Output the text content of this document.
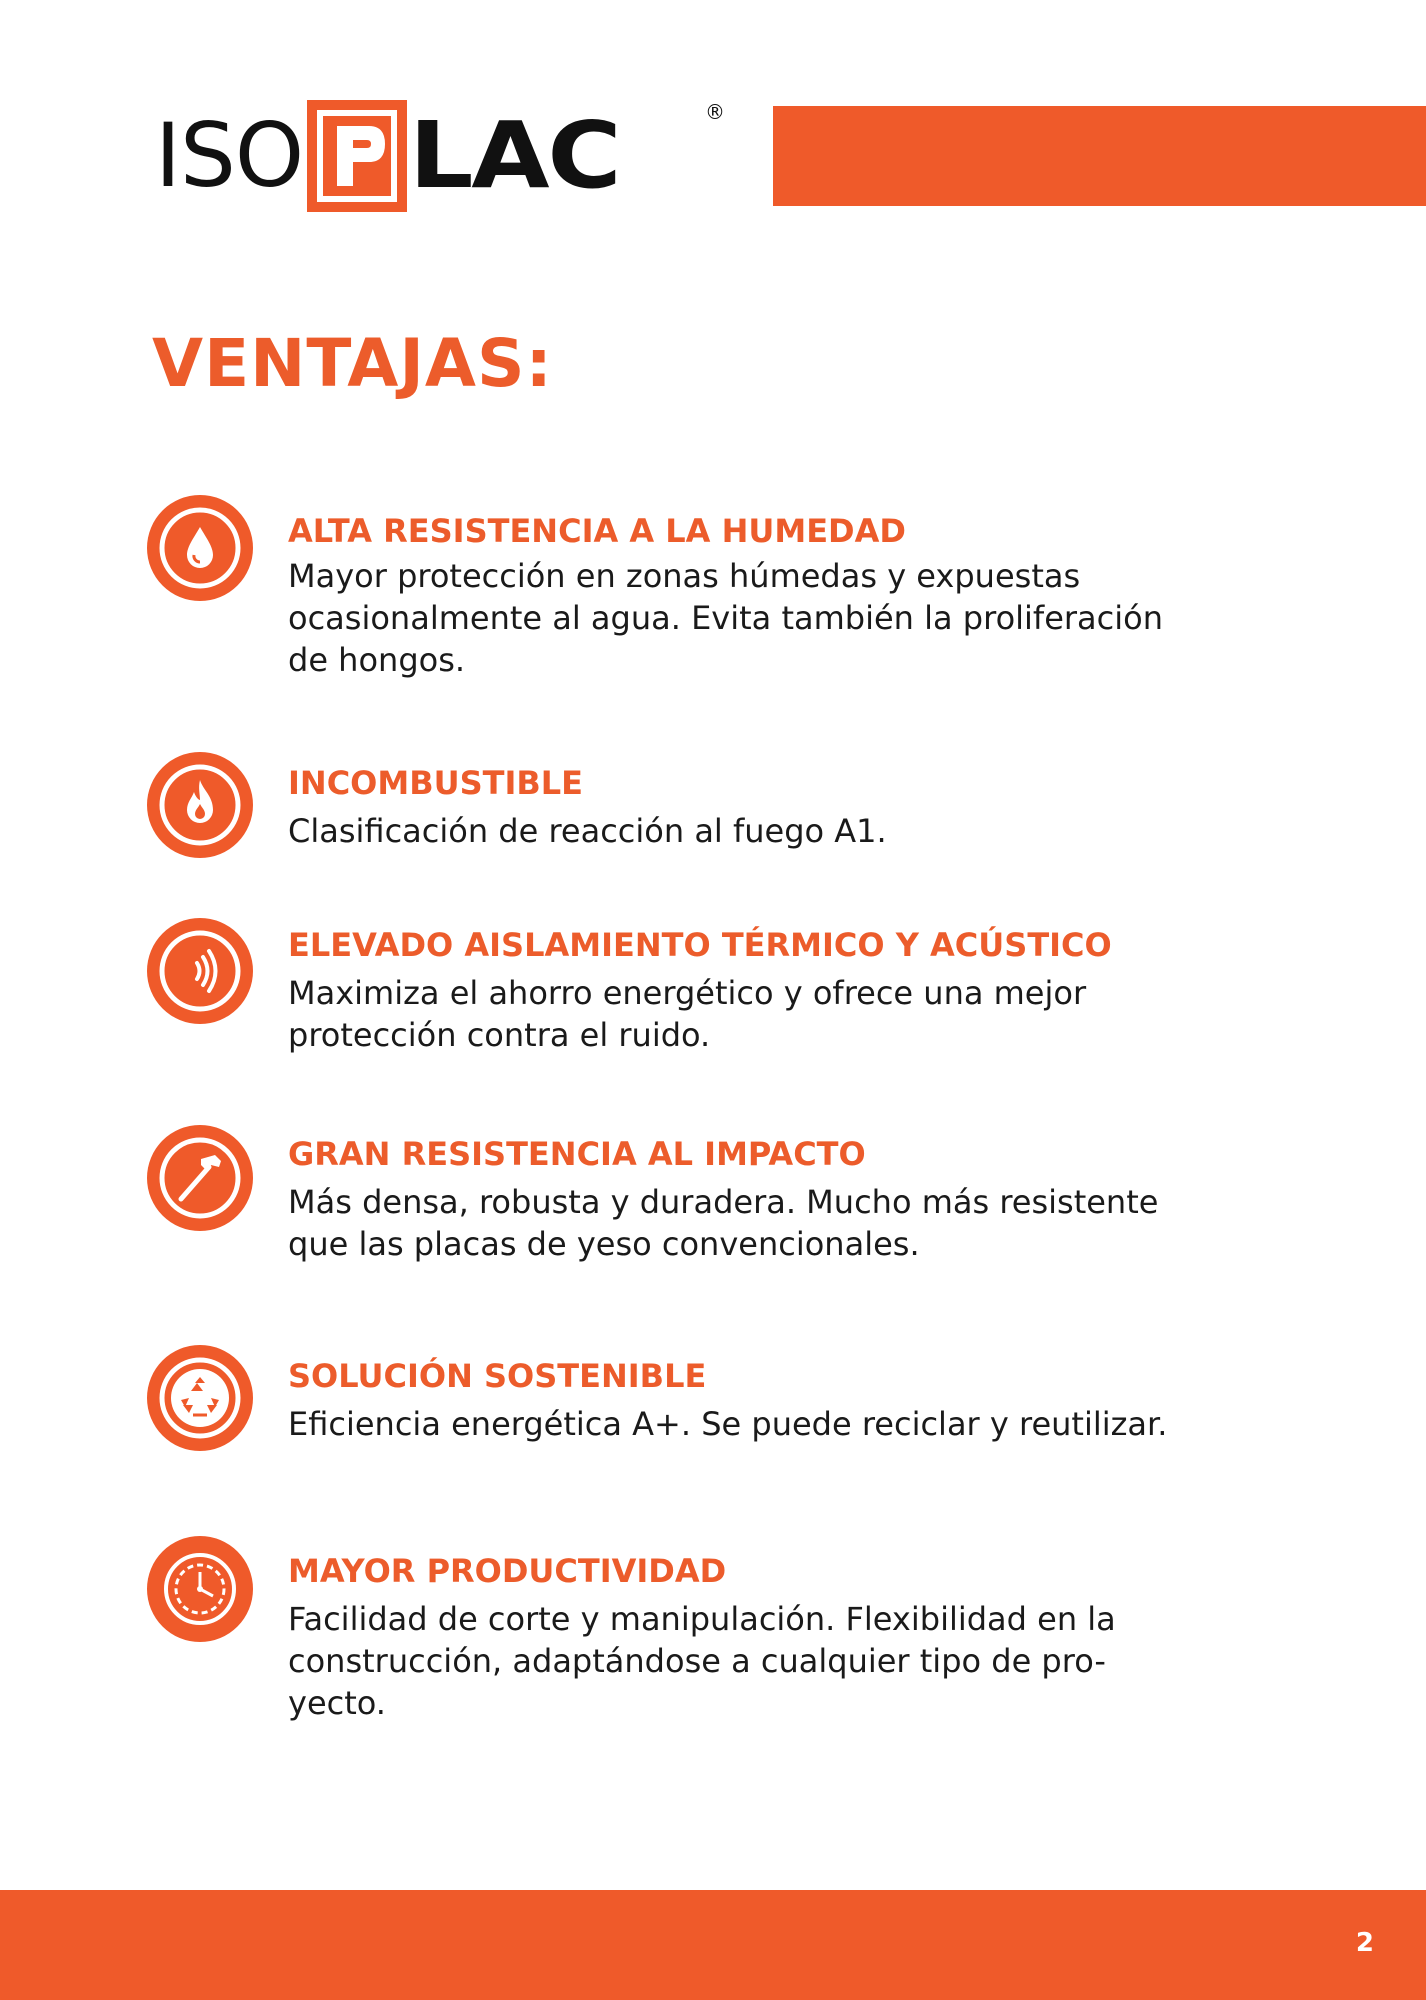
ISO LAC	®
VENTAJAS:

ALTA RESISTENCIA A LA HUMEDAD

Mayor protección en zonas húmedas y expuestas
ocasionalmente al agua. Evita también la proliferación
de hongos.

INCOMBUSTIBLE

Clasificación de reacción al fuego A1.

ELEVADO AISLAMIENTO TÉRMICO Y ACÚSTICO

Maximiza el ahorro energético y ofrece una mejor
protección contra el ruido.

GRAN RESISTENCIA AL IMPACTO

Más densa, robusta y duradera. Mucho más resistente
que las placas de yeso convencionales.

SOLUCIÓN SOSTENIBLE

Eficiencia energética A+. Se puede reciclar y reutilizar.

MAYOR PRODUCTIVIDAD

Facilidad de corte y manipulación. Flexibilidad en la
construcción, adaptándose a cualquier tipo de pro-
yecto.

2
